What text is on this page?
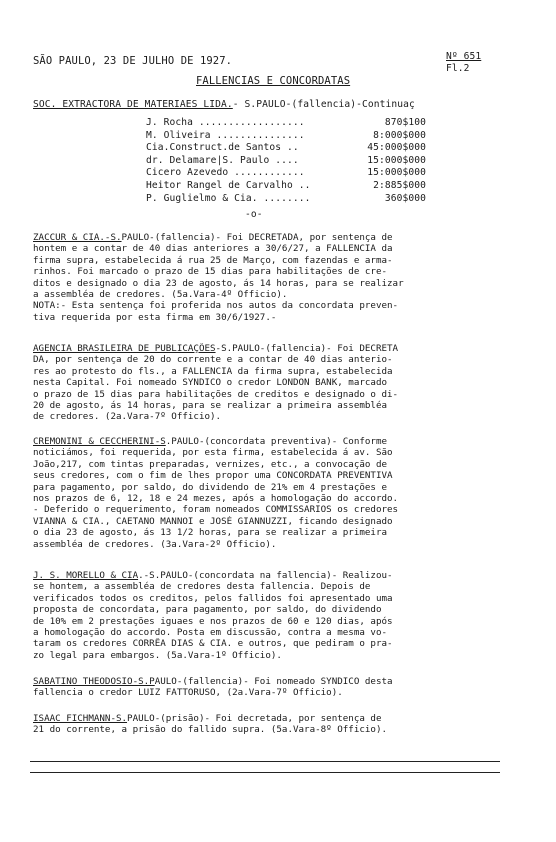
SÃO PAULO, 23 DE JULHO DE 1927.	Nº 651
Fl.2
FALLENCIAS E CONCORDATAS
SOC. EXTRACTORA DE MATERIAES LIDA.- S.PAULO-(fallencia)-Continuaç
J. Rocha ..................	870$100
M. Oliveira ...............	8:000$000
Cia.Construct.de Santos ..	45:000$000
dr. Delamare|S. Paulo ....	15:000$000
Cicero Azevedo ............	15:000$000
Heitor Rangel de Carvalho ..	2:885$000
P. Guglielmo & Cia. ........	360$000
-o-
ZACCUR & CIA.-S.PAULO-(fallencia)- Foi DECRETADA, por sentença de
hontem e a contar de 40 dias anteriores a 30/6/27, a FALLENCIA da
firma supra, estabelecida á rua 25 de Março, com fazendas e arma-
rinhos. Foi marcado o prazo de 15 dias para habilitações de cre-
ditos e designado o dia 23 de agosto, ás 14 horas, para se realizar
a assembléa de credores. (5a.Vara-4º Officio).
NOTA:- Esta sentença foi proferida nos autos da concordata preven-
tiva requerida por esta firma em 30/6/1927.-
AGENCIA BRASILEIRA DE PUBLICAÇÕES-S.PAULO-(fallencia)- Foi DECRETA
DA, por sentença de 20 do corrente e a contar de 40 dias anterio-
res ao protesto do fls., a FALLENCIA da firma supra, estabelecida
nesta Capital. Foi nomeado SYNDICO o credor LONDON BANK, marcado
o prazo de 15 dias para habilitações de creditos e designado o di-
20 de agosto, ás 14 horas, para se realizar a primeira assembléa
de credores. (2a.Vara-7º Officio).
CREMONINI & CECCHERINI-S.PAULO-(concordata preventiva)- Conforme
noticiámos, foi requerida, por esta firma, estabelecida á av. São
João,217, com tintas preparadas, vernizes, etc., a convocação de
seus credores, com o fim de lhes propor uma CONCORDATA PREVENTIVA
para pagamento, por saldo, do dividendo de 21% em 4 prestações e
nos prazos de 6, 12, 18 e 24 mezes, após a homologação do accordo.
- Deferido o requerimento, foram nomeados COMMISSARIOS os credores
VIANNA & CIA., CAETANO MANNOI e JOSÉ GIANNUZZI, ficando designado
o dia 23 de agosto, ás 13 1/2 horas, para se realizar a primeira
assembléa de credores. (3a.Vara-2º Officio).
J. S. MORELLO & CIA.-S.PAULO-(concordata na fallencia)- Realizou-
se hontem, a assembléa de credores desta fallencia. Depois de
verificados todos os creditos, pelos fallidos foi apresentado uma
proposta de concordata, para pagamento, por saldo, do dividendo
de 10% em 2 prestações iguaes e nos prazos de 60 e 120 dias, após
a homologação do accordo. Posta em discussão, contra a mesma vo-
taram os credores CORRÊA DIAS & CIA. e outros, que pediram o pra-
zo legal para embargos. (5a.Vara-1º Officio).
SABATINO THEODOSIO-S.PAULO-(fallencia)- Foi nomeado SYNDICO desta
fallencia o credor LUIZ FATTORUSO, (2a.Vara-7º Officio).
ISAAC FICHMANN-S.PAULO-(prisão)- Foi decretada, por sentença de
21 do corrente, a prisão do fallido supra. (5a.Vara-8º Officio).
